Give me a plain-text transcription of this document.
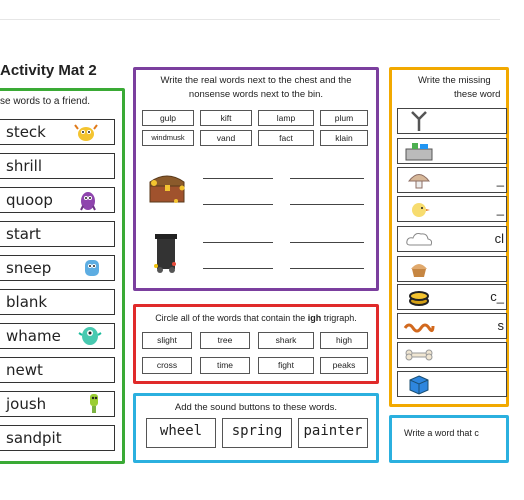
Activity Mat 2
se words to a friend.
steck
shrill
quoop
start
sneep
blank
whame
newt
joush
sandpit
Write the real words next to the chest and the
nonsense words next to the bin.
gulp	kift	lamp	plum
windmusk	vand	fact	klain
Circle all of the words that contain the igh trigraph.
slight	tree	shark	high
cross	time	fight	peaks
Add the sound buttons to these words.
wheel	spring	painter
Write the missing
these word
_
_
cl
c_
s
Write a word that c
